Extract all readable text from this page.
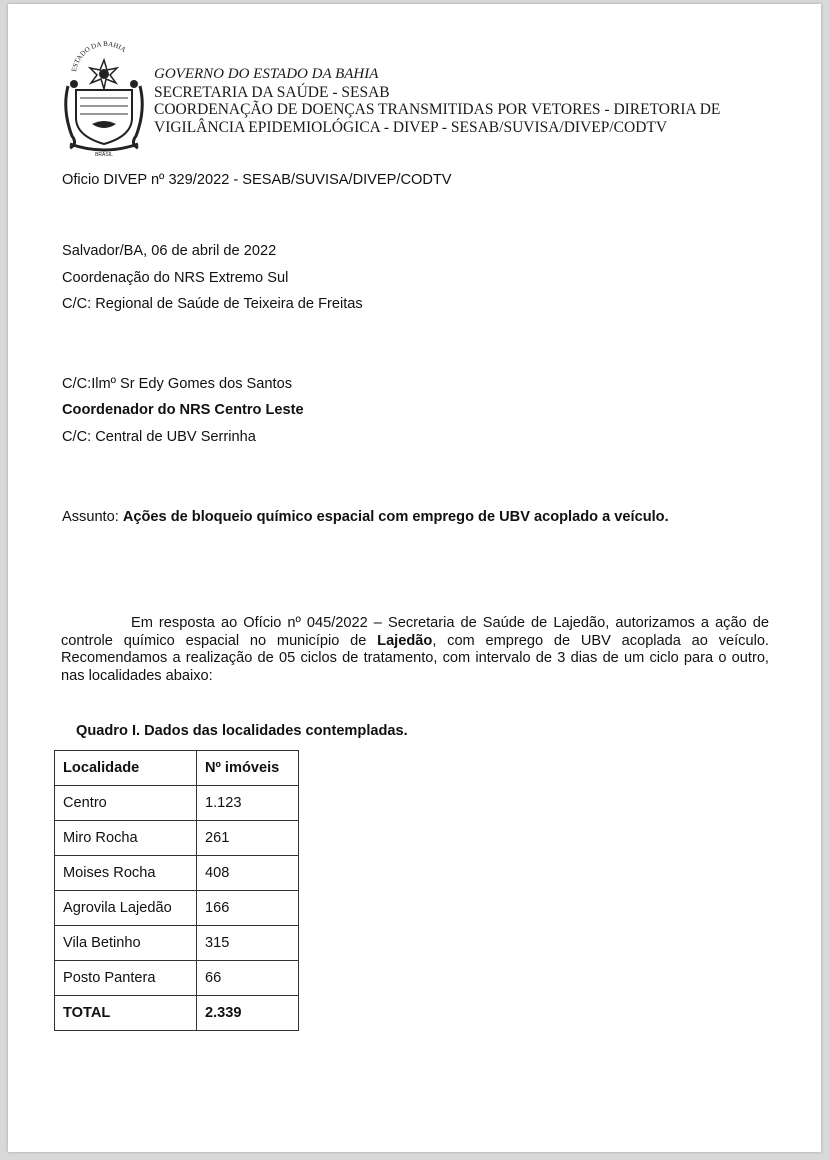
ESTADO DA BAHIA
BRASIL
GOVERNO DO ESTADO DA BAHIA
SECRETARIA DA SAÚDE - SESAB
COORDENAÇÃO DE DOENÇAS TRANSMITIDAS POR VETORES - DIRETORIA DE
VIGILÂNCIA EPIDEMIOLÓGICA - DIVEP - SESAB/SUVISA/DIVEP/CODTV
Oficio DIVEP nº 329/2022 - SESAB/SUVISA/DIVEP/CODTV
Salvador/BA, 06 de abril de 2022
Coordenação do NRS Extremo Sul
C/C: Regional de Saúde de Teixeira de Freitas
C/C:Ilmº Sr Edy Gomes dos Santos
Coordenador do NRS Centro Leste
C/C: Central de UBV Serrinha
Assunto: Ações de bloqueio químico espacial com emprego de UBV acoplado a veículo.
Em resposta ao Ofício nº 045/2022 – Secretaria de Saúde de Lajedão, autorizamos a ação de controle químico espacial no município de Lajedão, com emprego de UBV acoplada ao veículo. Recomendamos a realização de 05 ciclos de tratamento, com intervalo de 3 dias de um ciclo para o outro, nas localidades abaixo:
Quadro I. Dados das localidades contempladas.
Localidade	Nº imóveis
Centro	1.123
Miro Rocha	261
Moises Rocha	408
Agrovila Lajedão	166
Vila Betinho	315
Posto Pantera	66
TOTAL	2.339
